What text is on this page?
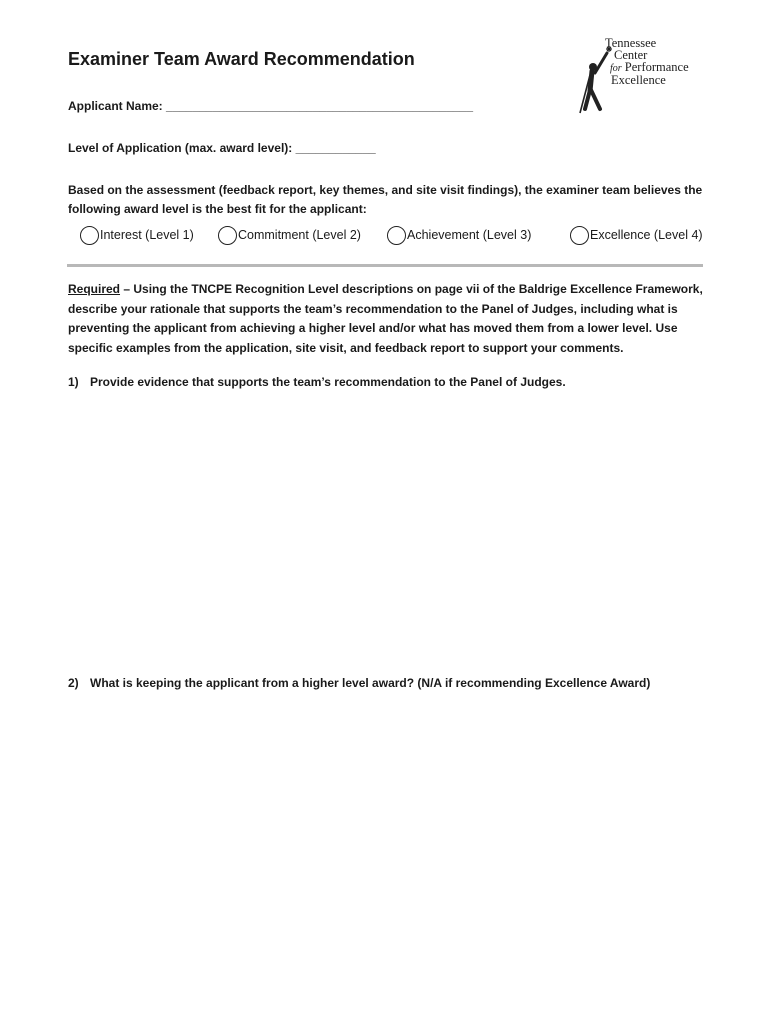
Tennessee
Center
for Performance
Excellence
Examiner Team Award Recommendation
Applicant Name: ______________________________________________
Level of Application (max. award level): ____________
Based on the assessment (feedback report, key themes, and site visit findings), the examiner team believes the following award level is the best fit for the applicant:
Interest (Level 1)	Commitment (Level 2)	Achievement (Level 3)	Excellence (Level 4)
Required – Using the TNCPE Recognition Level descriptions on page vii of the Baldrige Excellence Framework, describe your rationale that supports the team’s recommendation to the Panel of Judges, including what is preventing the applicant from achieving a higher level and/or what has moved them from a lower level. Use specific examples from the application, site visit, and feedback report to support your comments.
1) Provide evidence that supports the team’s recommendation to the Panel of Judges.
2) What is keeping the applicant from a higher level award? (N/A if recommending Excellence Award)
